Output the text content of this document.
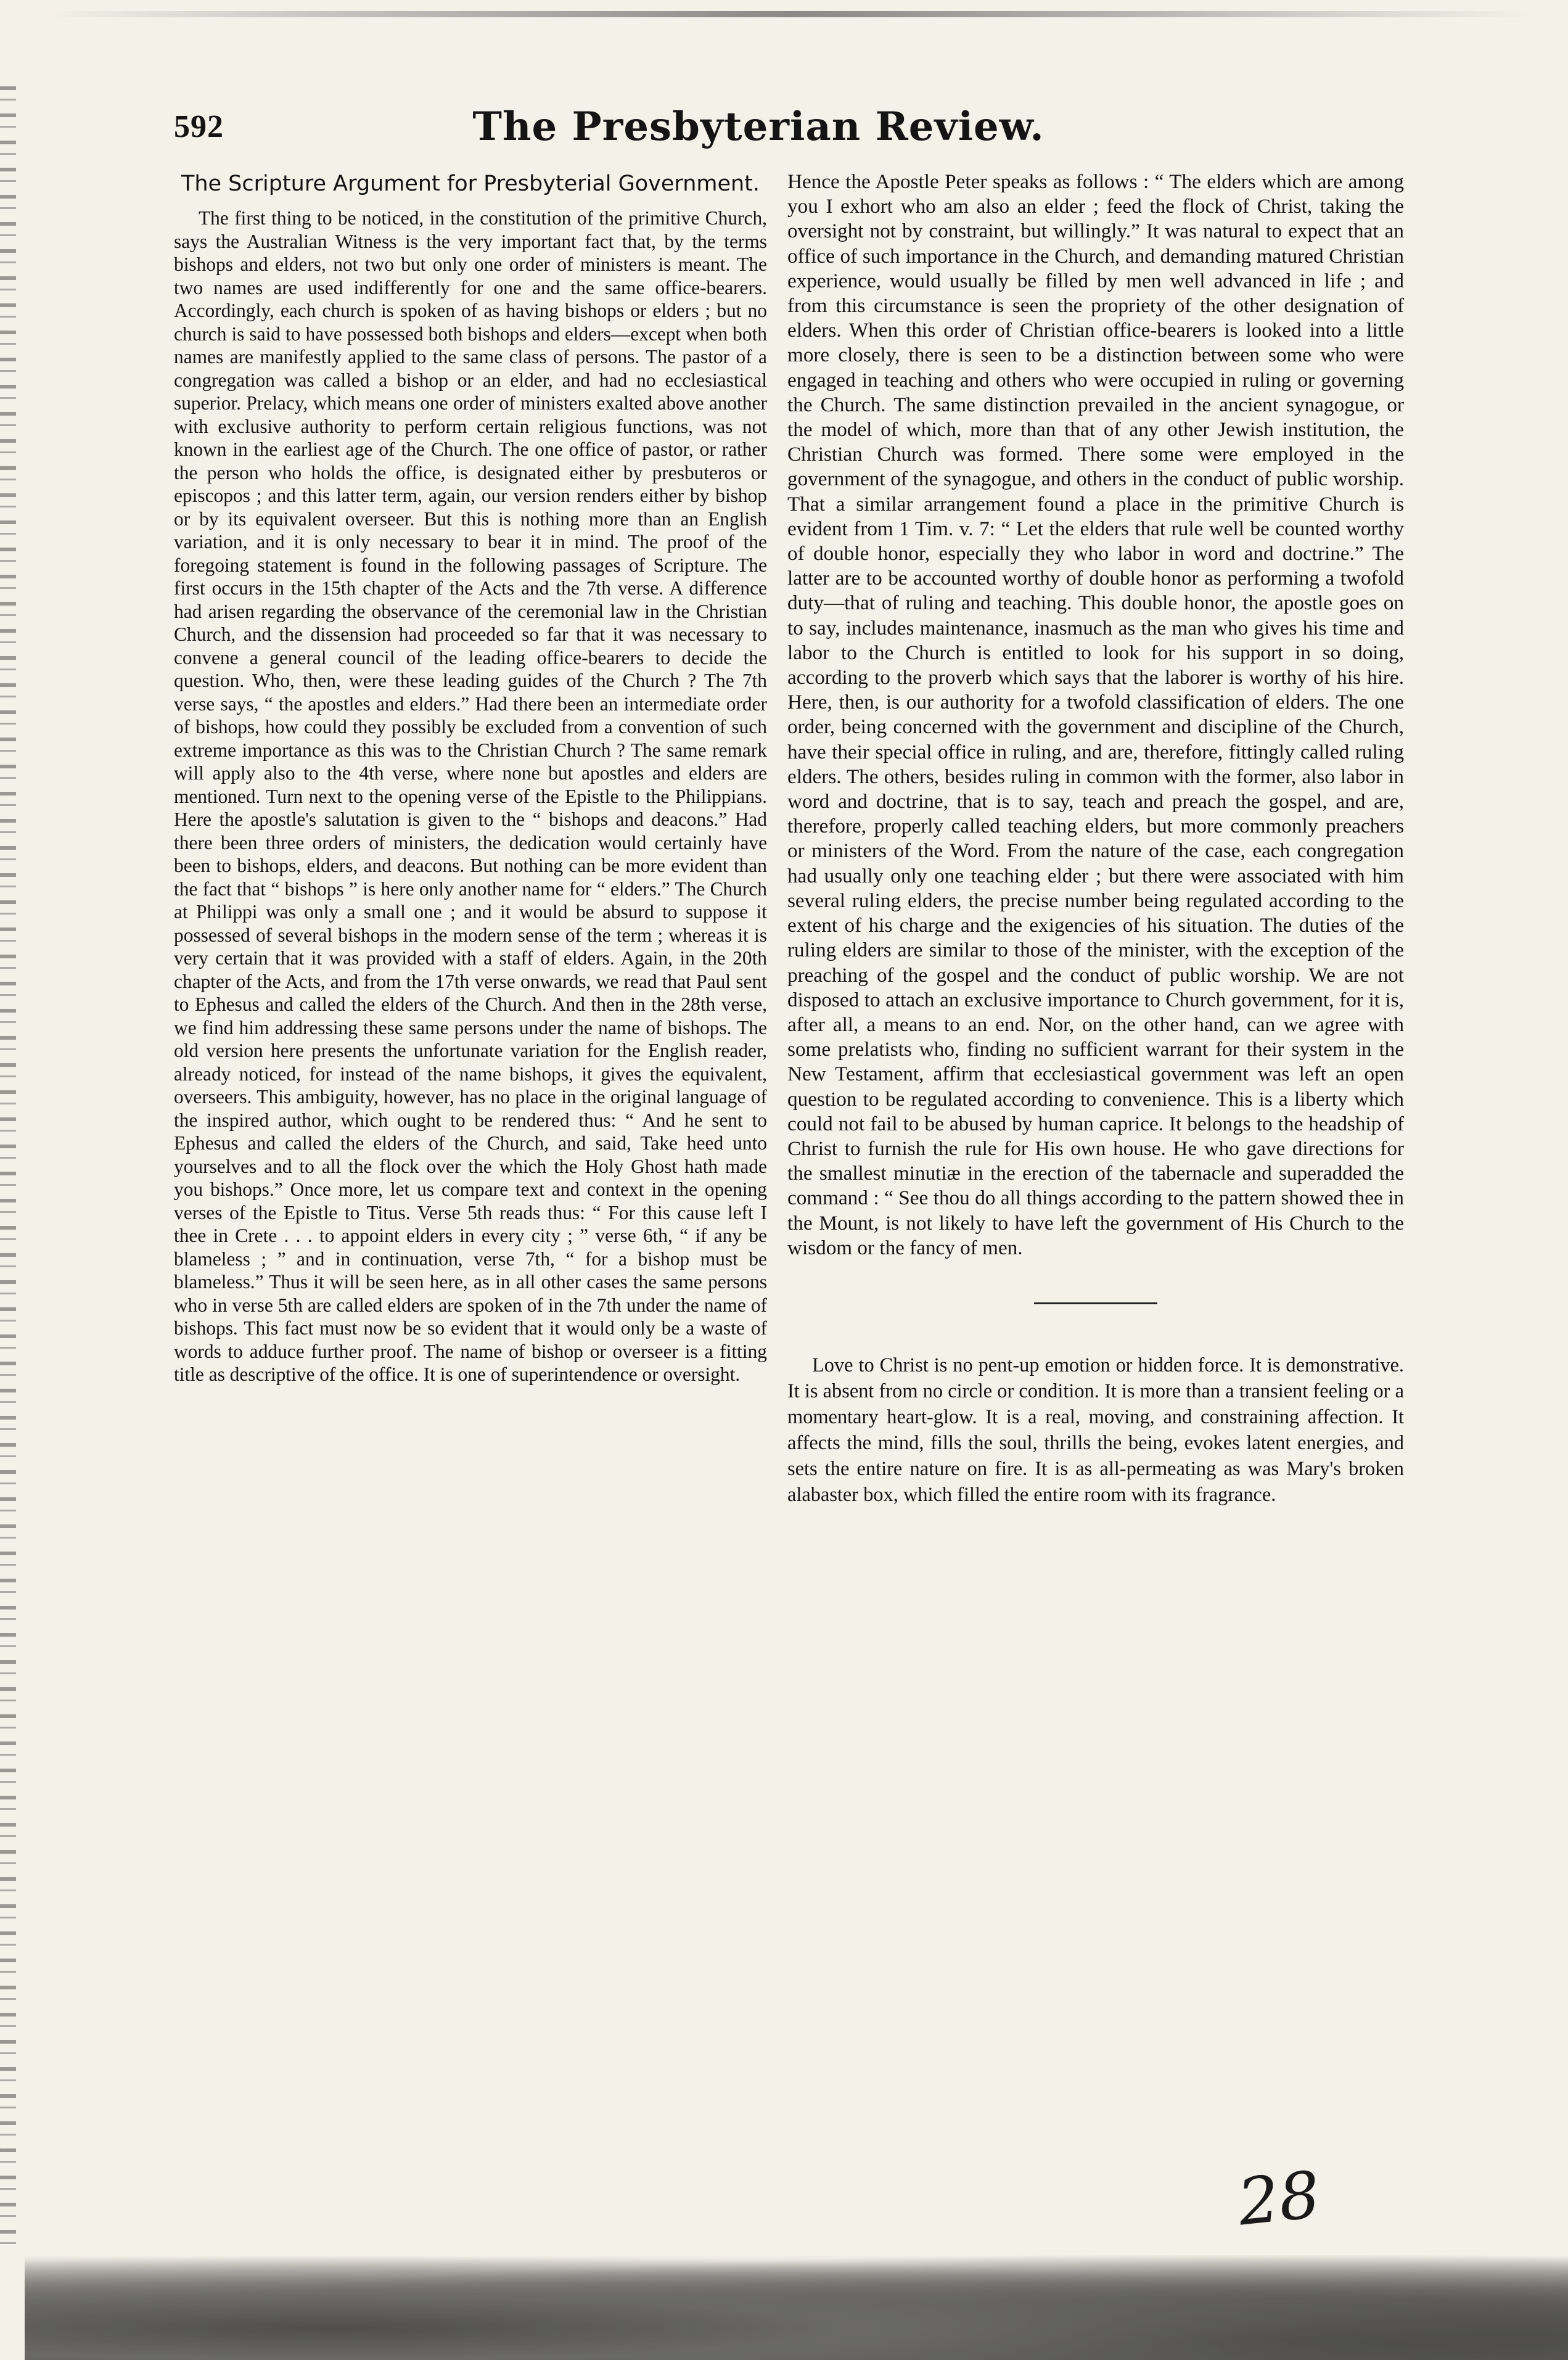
592	The Presbyterian Review.
The Scripture Argument for Presbyterial Government.

The first thing to be noticed, in the constitution of the primitive Church, says the Australian Witness is the very important fact that, by the terms bishops and elders, not two but only one order of ministers is meant. The two names are used indifferently for one and the same office-bearers. Accordingly, each church is spoken of as having bishops or elders ; but no church is said to have possessed both bishops and elders—except when both names are manifestly applied to the same class of persons. The pastor of a congregation was called a bishop or an elder, and had no ecclesiastical superior. Prelacy, which means one order of ministers exalted above another with exclusive authority to perform certain religious functions, was not known in the earliest age of the Church. The one office of pastor, or rather the person who holds the office, is designated either by presbuteros or episcopos ; and this latter term, again, our version renders either by bishop or by its equivalent overseer. But this is nothing more than an English variation, and it is only necessary to bear it in mind. The proof of the foregoing statement is found in the following passages of Scripture. The first occurs in the 15th chapter of the Acts and the 7th verse. A difference had arisen regarding the observance of the ceremonial law in the Christian Church, and the dissension had proceeded so far that it was necessary to convene a general council of the leading office-bearers to decide the question. Who, then, were these leading guides of the Church ? The 7th verse says, “ the apostles and elders.” Had there been an intermediate order of bishops, how could they possibly be excluded from a convention of such extreme importance as this was to the Christian Church ? The same remark will apply also to the 4th verse, where none but apostles and elders are mentioned. Turn next to the opening verse of the Epistle to the Philippians. Here the apostle's salutation is given to the “ bishops and deacons.” Had there been three orders of ministers, the dedication would certainly have been to bishops, elders, and deacons. But nothing can be more evident than the fact that “ bishops ” is here only another name for “ elders.” The Church at Philippi was only a small one ; and it would be absurd to suppose it possessed of several bishops in the modern sense of the term ; whereas it is very certain that it was provided with a staff of elders. Again, in the 20th chapter of the Acts, and from the 17th verse onwards, we read that Paul sent to Ephesus and called the elders of the Church. And then in the 28th verse, we find him addressing these same persons under the name of bishops. The old version here presents the unfortunate variation for the English reader, already noticed, for instead of the name bishops, it gives the equivalent, overseers. This ambiguity, however, has no place in the original language of the inspired author, which ought to be rendered thus: “ And he sent to Ephesus and called the elders of the Church, and said, Take heed unto yourselves and to all the flock over the which the Holy Ghost hath made you bishops.” Once more, let us compare text and context in the opening verses of the Epistle to Titus. Verse 5th reads thus: “ For this cause left I thee in Crete . . . to appoint elders in every city ; ” verse 6th, “ if any be blameless ; ” and in continuation, verse 7th, “ for a bishop must be blameless.” Thus it will be seen here, as in all other cases the same persons who in verse 5th are called elders are spoken of in the 7th under the name of bishops. This fact must now be so evident that it would only be a waste of words to adduce further proof. The name of bishop or overseer is a fitting title as descriptive of the office. It is one of superintendence or oversight.

Hence the Apostle Peter speaks as follows : “ The elders which are among you I exhort who am also an elder ; feed the flock of Christ, taking the oversight not by constraint, but willingly.” It was natural to expect that an office of such importance in the Church, and demanding matured Christian experience, would usually be filled by men well advanced in life ; and from this circumstance is seen the propriety of the other designation of elders. When this order of Christian office-bearers is looked into a little more closely, there is seen to be a distinction between some who were engaged in teaching and others who were occupied in ruling or governing the Church. The same distinction prevailed in the ancient synagogue, or the model of which, more than that of any other Jewish institution, the Christian Church was formed. There some were employed in the government of the synagogue, and others in the conduct of public worship. That a similar arrangement found a place in the primitive Church is evident from 1 Tim. v. 7: “ Let the elders that rule well be counted worthy of double honor, especially they who labor in word and doctrine.” The latter are to be accounted worthy of double honor as performing a twofold duty—that of ruling and teaching. This double honor, the apostle goes on to say, includes maintenance, inasmuch as the man who gives his time and labor to the Church is entitled to look for his support in so doing, according to the proverb which says that the laborer is worthy of his hire. Here, then, is our authority for a twofold classification of elders. The one order, being concerned with the government and discipline of the Church, have their special office in ruling, and are, therefore, fittingly called ruling elders. The others, besides ruling in common with the former, also labor in word and doctrine, that is to say, teach and preach the gospel, and are, therefore, properly called teaching elders, but more commonly preachers or ministers of the Word. From the nature of the case, each congregation had usually only one teaching elder ; but there were associated with him several ruling elders, the precise number being regulated according to the extent of his charge and the exigencies of his situation. The duties of the ruling elders are similar to those of the minister, with the exception of the preaching of the gospel and the conduct of public worship. We are not disposed to attach an exclusive importance to Church government, for it is, after all, a means to an end. Nor, on the other hand, can we agree with some prelatists who, finding no sufficient warrant for their system in the New Testament, affirm that ecclesiastical government was left an open question to be regulated according to convenience. This is a liberty which could not fail to be abused by human caprice. It belongs to the headship of Christ to furnish the rule for His own house. He who gave directions for the smallest minutiæ in the erection of the tabernacle and superadded the command : “ See thou do all things according to the pattern showed thee in the Mount, is not likely to have left the government of His Church to the wisdom or the fancy of men.

Love to Christ is no pent-up emotion or hidden force. It is demonstrative. It is absent from no circle or condition. It is more than a transient feeling or a momentary heart-glow. It is a real, moving, and constraining affection. It affects the mind, fills the soul, thrills the being, evokes latent energies, and sets the entire nature on fire. It is as all-permeating as was Mary's broken alabaster box, which filled the entire room with its fragrance.

28
